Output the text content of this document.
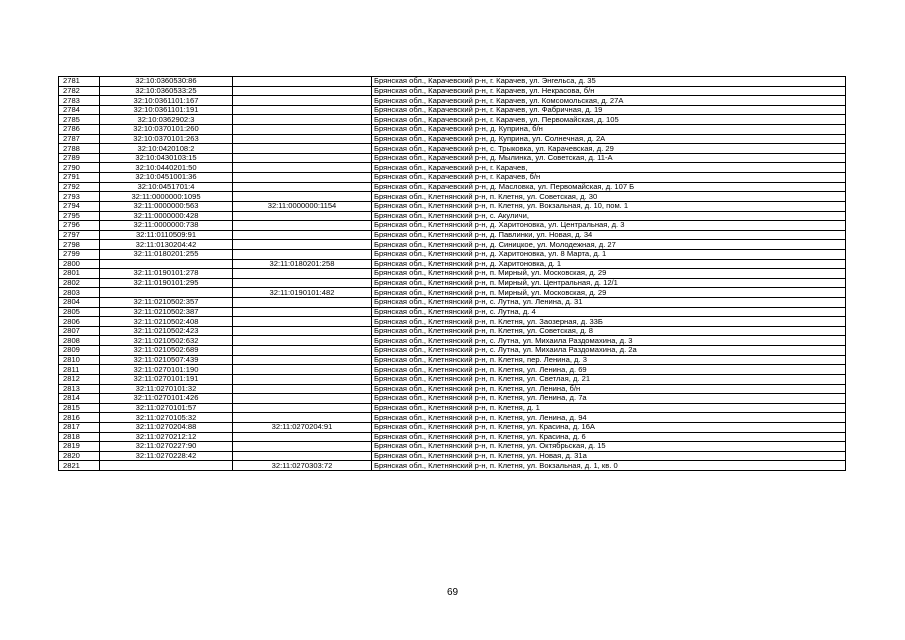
2781	32:10:0360530:86		Брянская обл., Карачевский р-н, г. Карачев, ул. Энгельса, д. 35
2782	32:10:0360533:25		Брянская обл., Карачевский р-н, г. Карачев, ул. Некрасова, б/н
2783	32:10:0361101:167		Брянская обл., Карачевский р-н, г. Карачев, ул. Комсомольская, д. 27А
2784	32:10:0361101:191		Брянская обл., Карачевский р-н, г. Карачев, ул. Фабричная, д. 19
2785	32:10:0362902:3		Брянская обл., Карачевский р-н, г. Карачев, ул. Первомайская, д. 105
2786	32:10:0370101:260		Брянская обл., Карачевский р-н, д. Куприна, б/н
2787	32:10:0370101:263		Брянская обл., Карачевский р-н, д. Куприна, ул. Солнечная, д. 2А
2788	32:10:0420108:2		Брянская обл., Карачевский р-н, с. Трыковка, ул. Карачевская, д. 29
2789	32:10:0430103:15		Брянская обл., Карачевский р-н, д. Мылинка, ул. Советская, д. 11-А
2790	32:10:0440201:50		Брянская обл., Карачевский р-н, г. Карачев,
2791	32:10:0451001:36		Брянская обл., Карачевский р-н, г. Карачев, б/н
2792	32:10:0451701:4		Брянская обл., Карачевский р-н, д. Масловка, ул. Первомайская, д. 107 Б
2793	32:11:0000000:1095		Брянская обл., Клетнянский р-н, п. Клетня, ул. Советская, д. 30
2794	32:11:0000000:563	32:11:0000000:1154	Брянская обл., Клетнянский р-н, п. Клетня, ул. Вокзальная, д. 10, пом. 1
2795	32:11:0000000:428		Брянская обл., Клетнянский р-н, с. Акуличи,
2796	32:11:0000000:738		Брянская обл., Клетнянский р-н, д. Харитоновка, ул. Центральная, д. 3
2797	32:11:0110509:91		Брянская обл., Клетнянский р-н, д. Павлинки, ул. Новая, д. 34
2798	32:11:0130204:42		Брянская обл., Клетнянский р-н, д. Синицкое, ул. Молодежная, д. 27
2799	32:11:0180201:255		Брянская обл., Клетнянский р-н, д. Харитоновка, ул. 8 Марта, д. 1
2800		32:11:0180201:258	Брянская обл., Клетнянский р-н, д. Харитоновка, д. 1
2801	32:11:0190101:278		Брянская обл., Клетнянский р-н, п. Мирный, ул. Московская, д. 29
2802	32:11:0190101:295		Брянская обл., Клетнянский р-н, п. Мирный, ул. Центральная, д. 12/1
2803		32:11:0190101:482	Брянская обл., Клетнянский р-н, п. Мирный, ул. Московская, д. 29
2804	32:11:0210502:357		Брянская обл., Клетнянский р-н, с. Лутна, ул. Ленина, д. 31
2805	32:11:0210502:387		Брянская обл., Клетнянский р-н, с. Лутна, д. 4
2806	32:11:0210502:408		Брянская обл., Клетнянский р-н, п. Клетня, ул. Заозерная, д. 33Б
2807	32:11:0210502:423		Брянская обл., Клетнянский р-н, п. Клетня, ул. Советская, д. 8
2808	32:11:0210502:632		Брянская обл., Клетнянский р-н, с. Лутна, ул. Михаила Раздомахина, д. 3
2809	32:11:0210502:689		Брянская обл., Клетнянский р-н, с. Лутна, ул. Михаила Раздомахина, д. 2а
2810	32:11:0210507:439		Брянская обл., Клетнянский р-н, п. Клетня, пер. Ленина, д. 3
2811	32:11:0270101:190		Брянская обл., Клетнянский р-н, п. Клетня, ул. Ленина, д. 69
2812	32:11:0270101:191		Брянская обл., Клетнянский р-н, п. Клетня, ул. Светлая, д. 21
2813	32:11:0270101:32		Брянская обл., Клетнянский р-н, п. Клетня, ул. Ленина, б/н
2814	32:11:0270101:426		Брянская обл., Клетнянский р-н, п. Клетня, ул. Ленина, д. 7а
2815	32:11:0270101:57		Брянская обл., Клетнянский р-н, п. Клетня, д. 1
2816	32:11:0270105:32		Брянская обл., Клетнянский р-н, п. Клетня, ул. Ленина, д. 94
2817	32:11:0270204:88	32:11:0270204:91	Брянская обл., Клетнянский р-н, п. Клетня, ул. Красина, д. 16А
2818	32:11:0270212:12		Брянская обл., Клетнянский р-н, п. Клетня, ул. Красина, д. 6
2819	32:11:0270227:90		Брянская обл., Клетнянский р-н, п. Клетня, ул. Октябрьская, д. 15
2820	32:11:0270228:42		Брянская обл., Клетнянский р-н, п. Клетня, ул. Новая, д. 31а
2821		32:11:0270303:72	Брянская обл., Клетнянский р-н, п. Клетня, ул. Вокзальная, д. 1, кв. 0
69
